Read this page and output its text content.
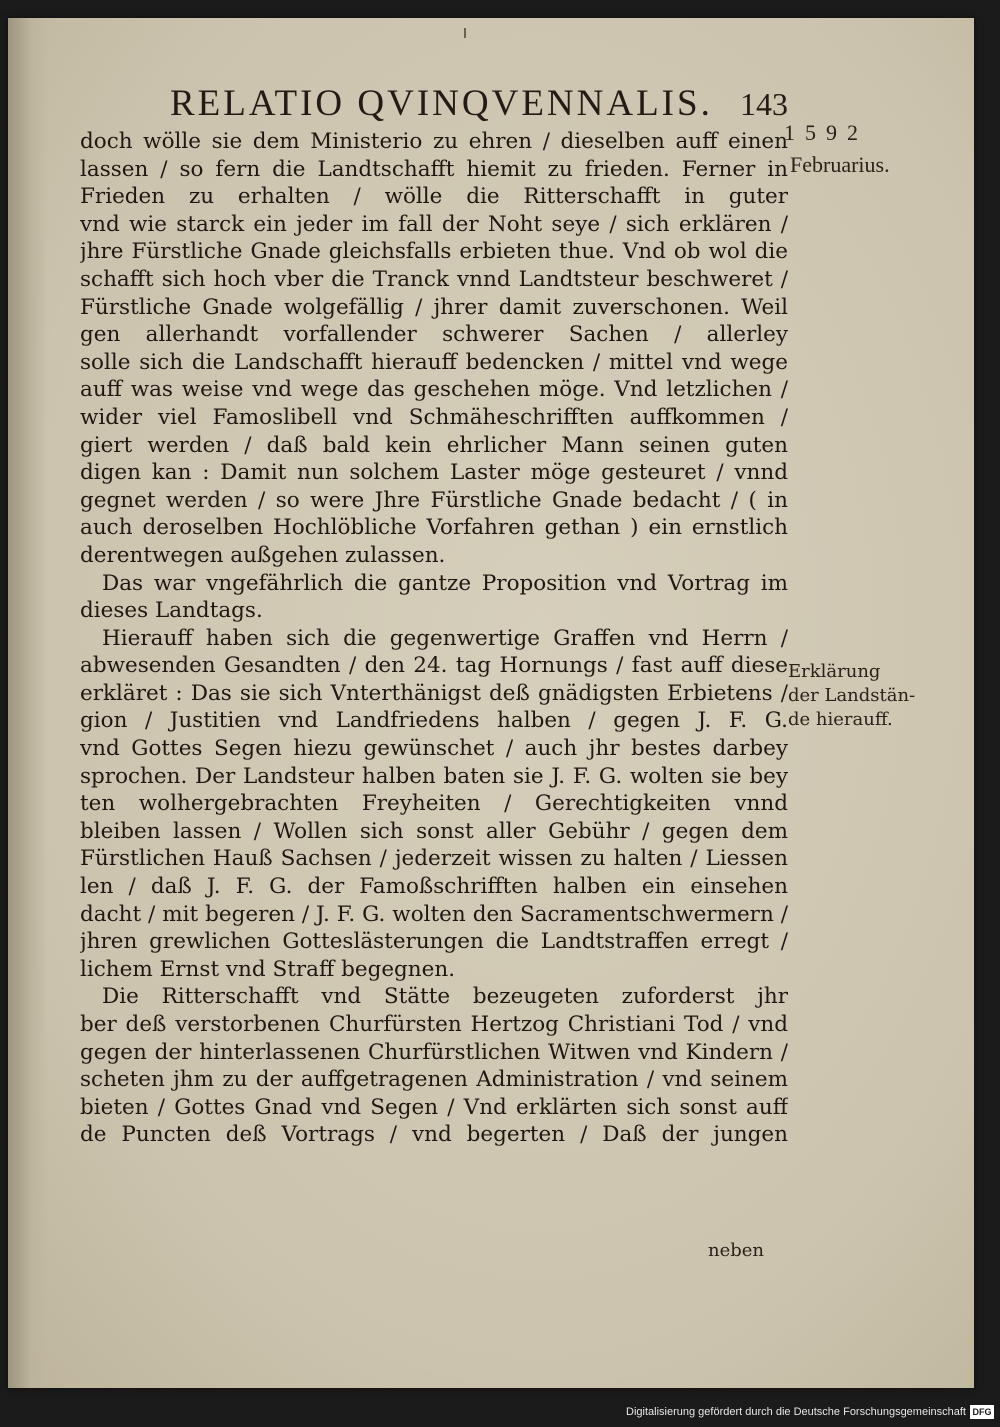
RELATIO QVINQVENNALIS. 143
1592
Februarius.
Erklärung
der Landstän-
de hierauff.
doch wölle sie dem Ministerio zu ehren / dieselben auff einen
lassen / so fern die Landtschafft hiemit zu frieden. Ferner in
Frieden zu erhalten / wölle die Ritterschafft in guter
vnd wie starck ein jeder im fall der Noht seye / sich erklären /
jhre Fürstliche Gnade gleichsfalls erbieten thue. Vnd ob wol die
schafft sich hoch vber die Tranck vnnd Landtsteur beschweret /
Fürstliche Gnade wolgefällig / jhrer damit zuverschonen. Weil
gen allerhandt vorfallender schwerer Sachen / allerley
solle sich die Landschafft hierauff bedencken / mittel vnd wege
auff was weise vnd wege das geschehen möge. Vnd letzlichen /
wider viel Famoslibell vnd Schmäheschrifften auffkommen /
giert werden / daß bald kein ehrlicher Mann seinen guten
digen kan : Damit nun solchem Laster möge gesteuret / vnnd
gegnet werden / so were Jhre Fürstliche Gnade bedacht / ( in
auch deroselben Hochlöbliche Vorfahren gethan ) ein ernstlich
derentwegen außgehen zulassen.
Das war vngefährlich die gantze Proposition vnd Vortrag im
dieses Landtags.
Hierauff haben sich die gegenwertige Graffen vnd Herrn /
abwesenden Gesandten / den 24. tag Hornungs / fast auff diese
erkläret : Das sie sich Vnterthänigst deß gnädigsten Erbietens /
gion / Justitien vnd Landfriedens halben / gegen J. F. G.
vnd Gottes Segen hiezu gewünschet / auch jhr bestes darbey
sprochen. Der Landsteur halben baten sie J. F. G. wolten sie bey
ten wolhergebrachten Freyheiten / Gerechtigkeiten vnnd
bleiben lassen / Wollen sich sonst aller Gebühr / gegen dem
Fürstlichen Hauß Sachsen / jederzeit wissen zu halten / Liessen
len / daß J. F. G. der Famoßschrifften halben ein einsehen
dacht / mit begeren / J. F. G. wolten den Sacramentschwermern /
jhren grewlichen Gotteslästerungen die Landtstraffen erregt /
lichem Ernst vnd Straff begegnen.
Die Ritterschafft vnd Stätte bezeugeten zuforderst jhr
ber deß verstorbenen Churfürsten Hertzog Christiani Tod / vnd
gegen der hinterlassenen Churfürstlichen Witwen vnd Kindern /
scheten jhm zu der auffgetragenen Administration / vnd seinem
bieten / Gottes Gnad vnd Segen / Vnd erklärten sich sonst auff
de Puncten deß Vortrags / vnd begerten / Daß der jungen
neben
Digitalisierung gefördert durch die Deutsche Forschungsgemeinschaft DFG
